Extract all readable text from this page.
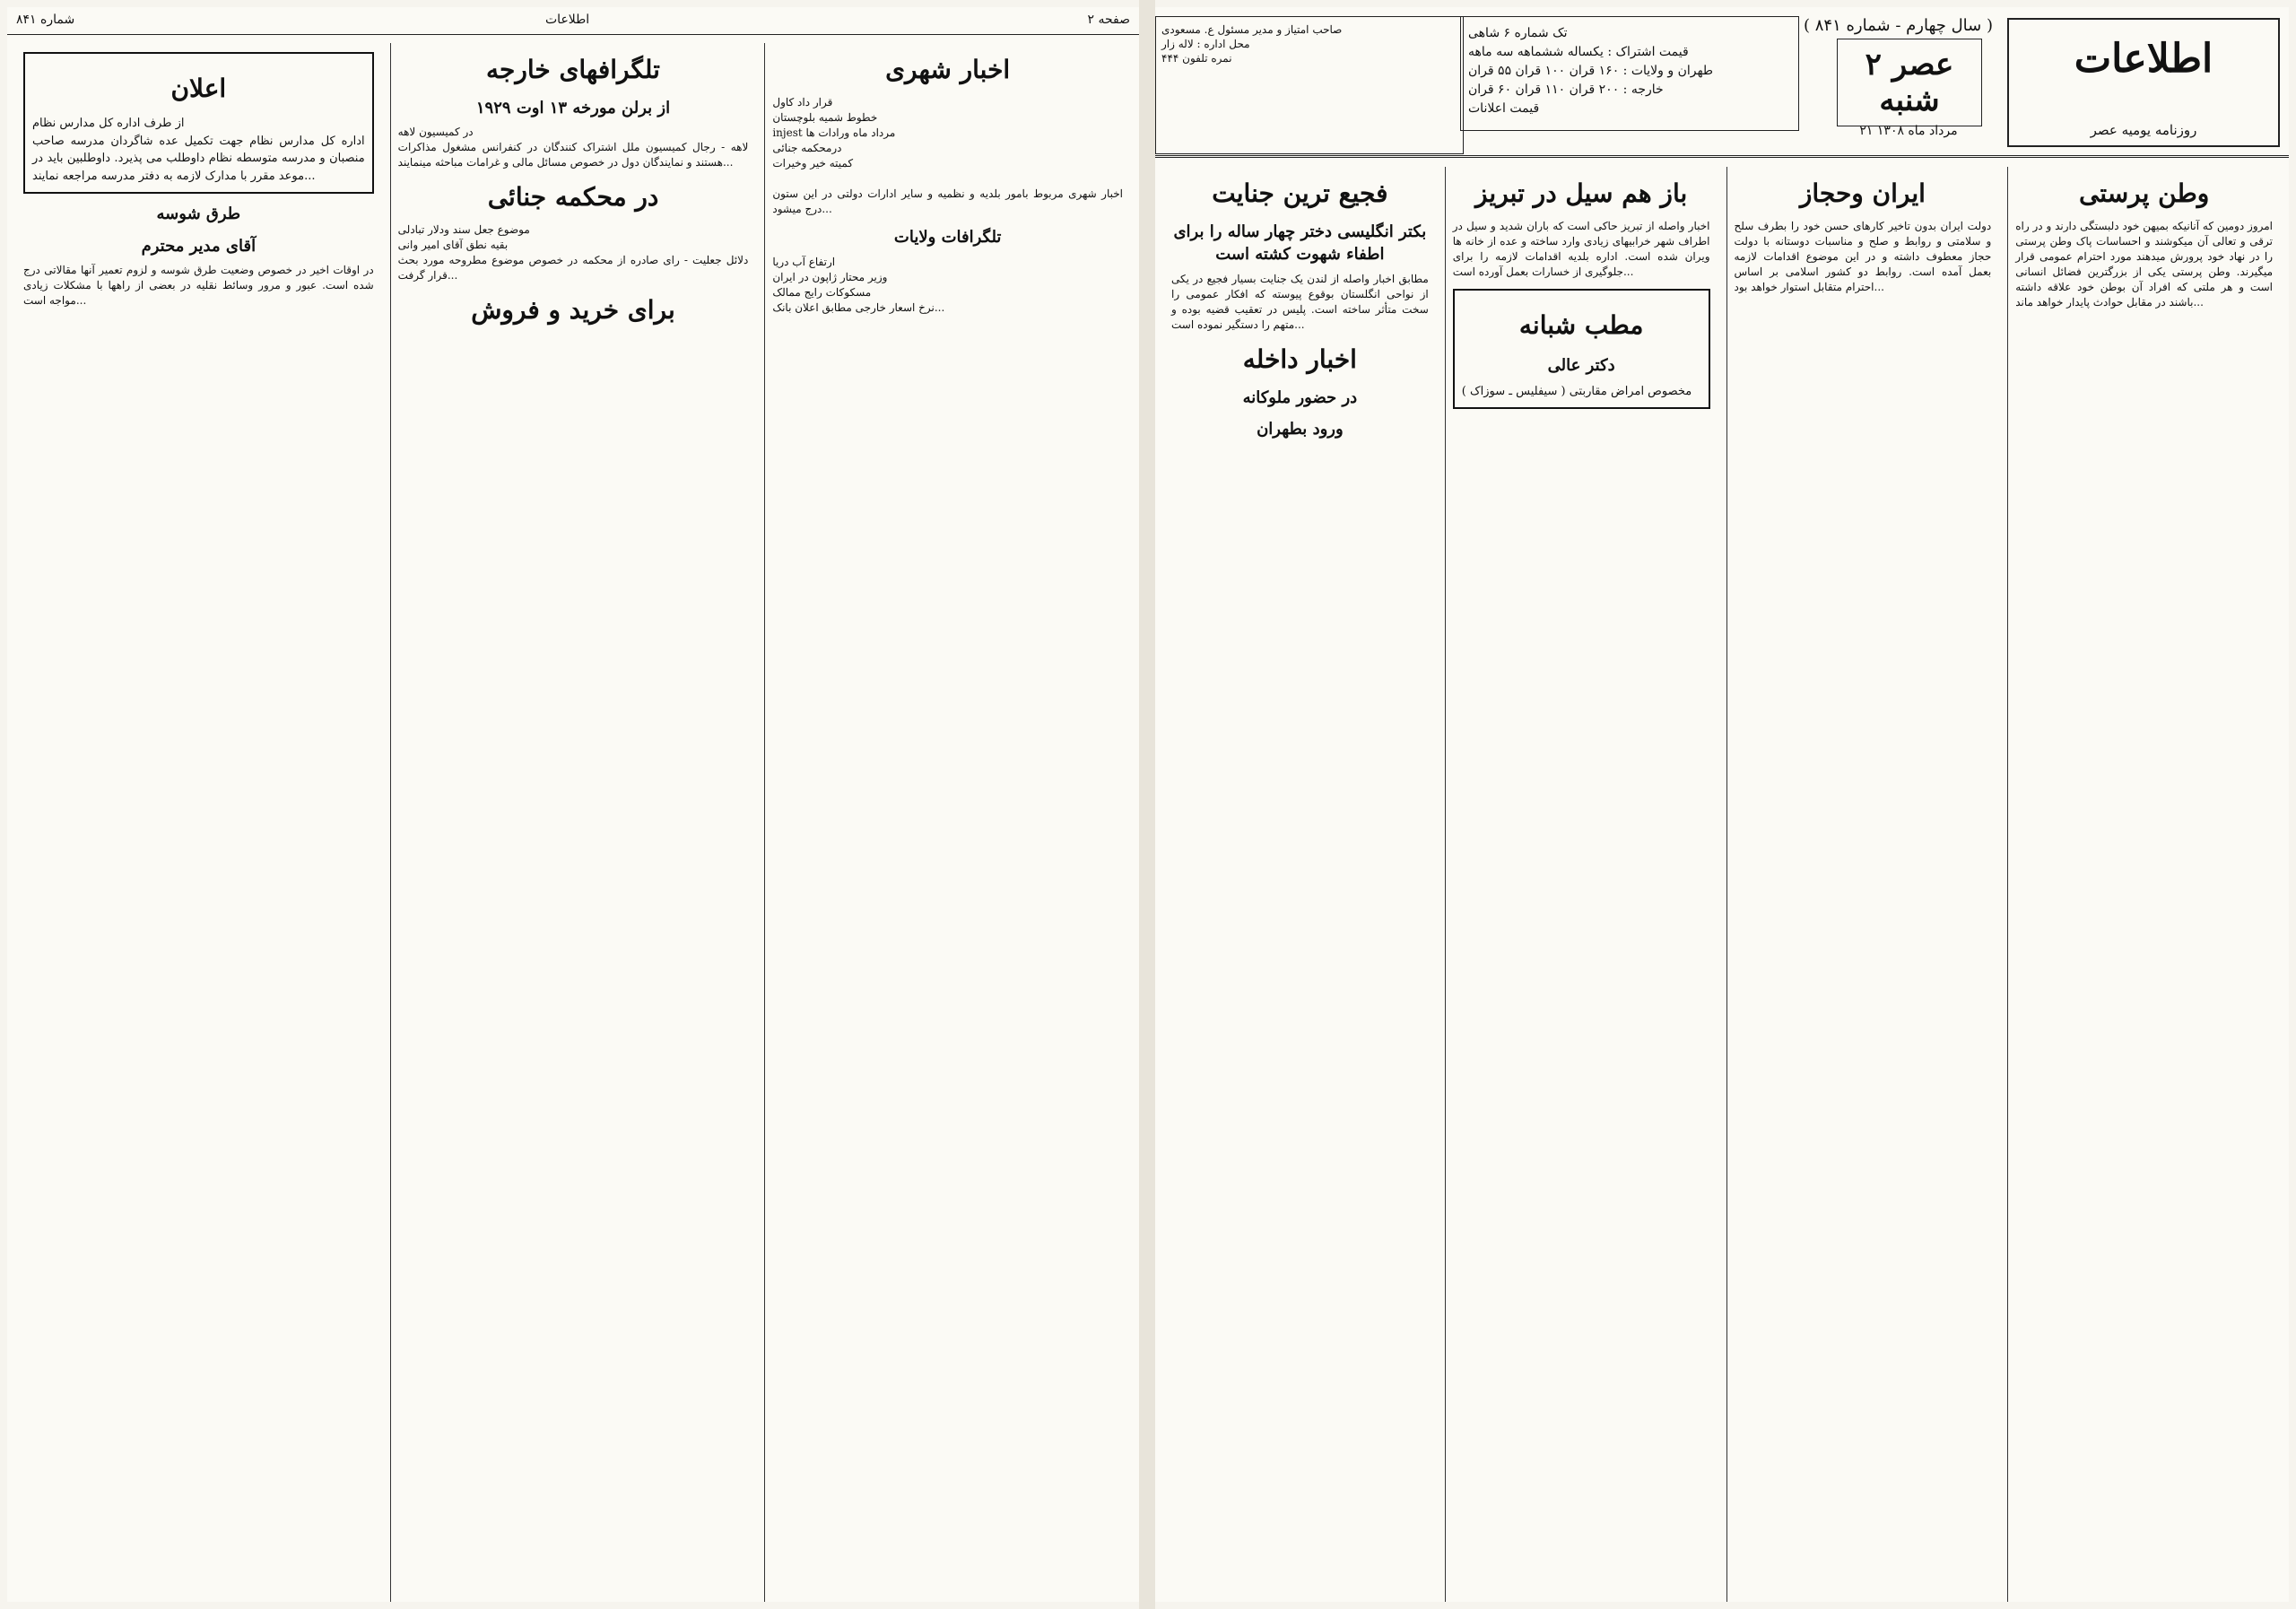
شماره ۸۴۱	اطلاعات	صفحه ۲
اعلان
از طرف اداره کل مدارس نظام
اداره کل مدارس نظام جهت تکمیل عده شاگردان مدرسه صاحب منصبان و مدرسه متوسطه نظام داوطلب می پذیرد. داوطلبین باید در موعد مقرر با مدارک لازمه به دفتر مدرسه مراجعه نمایند...
طرق شوسه
آقای مدیر محترم
در اوقات اخیر در خصوص وضعیت طرق شوسه و لزوم تعمیر آنها مقالاتی درج شده است. عبور و مرور وسائط نقلیه در بعضی از راهها با مشکلات زیادی مواجه است...
تلگرافهای خارجه
از برلن مورخه ۱۳ اوت ۱۹۲۹
در کمیسیون لاهه
لاهه - رجال کمیسیون ملل اشتراک کنندگان در کنفرانس مشغول مذاکرات هستند و نمایندگان دول در خصوص مسائل مالی و غرامات مباحثه مینمایند...
در محکمه جنائی
موضوع جعل سند ودلار تبادلی
بقیه نطق آقای امیر وانی
دلائل جعلیت - رای صادره از محکمه در خصوص موضوع مطروحه مورد بحث قرار گرفت...
برای خرید و فروش
اخبار شهری
قرار داد کاول
خطوط شمیه بلوچستان
injest مرداد ماه ورادات ها
درمحکمه جنائی
کمیته خیر وخیرات

اخبار شهری مربوط بامور بلدیه و نظمیه و سایر ادارات دولتی در این ستون درج میشود...
تلگرافات ولایات
ارتفاع آب دریا
وزیر محتار ژاپون در ایران
مسکوکات رایج ممالک
نرخ اسعار خارجی مطابق اعلان بانک...
اطلاعات
روزنامه یومیه عصر
( سال چهارم - شماره ۸۴۱ )
عصر ۲ شنبه
۲۱ مرداد ماه ۱۳۰۸
تک شماره ۶ شاهی
قیمت اشتراک : یکساله ششماهه سه ماهه
طهران و ولایات : ۱۶۰ قران ۱۰۰ قران ۵۵ قران
خارجه : ۲۰۰ قران ۱۱۰ قران ۶۰ قران
قیمت اعلانات
صاحب امتیاز و مدیر مسئول ع. مسعودی
محل اداره : لاله زار
نمره تلفون ۴۴۴
فجیع ترین جنایت
بکتر انگلیسی دختر چهار ساله را برای اطفاء شهوت کشته است
مطابق اخبار واصله از لندن یک جنایت بسیار فجیع در یکی از نواحی انگلستان بوقوع پیوسته که افکار عمومی را سخت متأثر ساخته است. پلیس در تعقیب قضیه بوده و متهم را دستگیر نموده است...
اخبار داخله
در حضور ملوکانه
ورود بطهران
باز هم سیل در تبریز
اخبار واصله از تبریز حاکی است که باران شدید و سیل در اطراف شهر خرابیهای زیادی وارد ساخته و عده از خانه ها ویران شده است. اداره بلدیه اقدامات لازمه را برای جلوگیری از خسارات بعمل آورده است...
مطب شبانه
دکتر عالی
مخصوص امراض مقاربتی ( سیفلیس ـ سوزاک )
ایران وحجاز
دولت ایران بدون تاخیر کارهای حسن خود را بطرف سلح و سلامتی و روابط و صلح و مناسبات دوستانه با دولت حجاز معطوف داشته و در این موضوع اقدامات لازمه بعمل آمده است. روابط دو کشور اسلامی بر اساس احترام متقابل استوار خواهد بود...
وطن پرستی
امروز دومین که آنانیکه بمیهن خود دلبستگی دارند و در راه ترقی و تعالی آن میکوشند و احساسات پاک وطن پرستی را در نهاد خود پرورش میدهند مورد احترام عمومی قرار میگیرند. وطن پرستی یکی از بزرگترین فضائل انسانی است و هر ملتی که افراد آن بوطن خود علاقه داشته باشند در مقابل حوادث پایدار خواهد ماند...
